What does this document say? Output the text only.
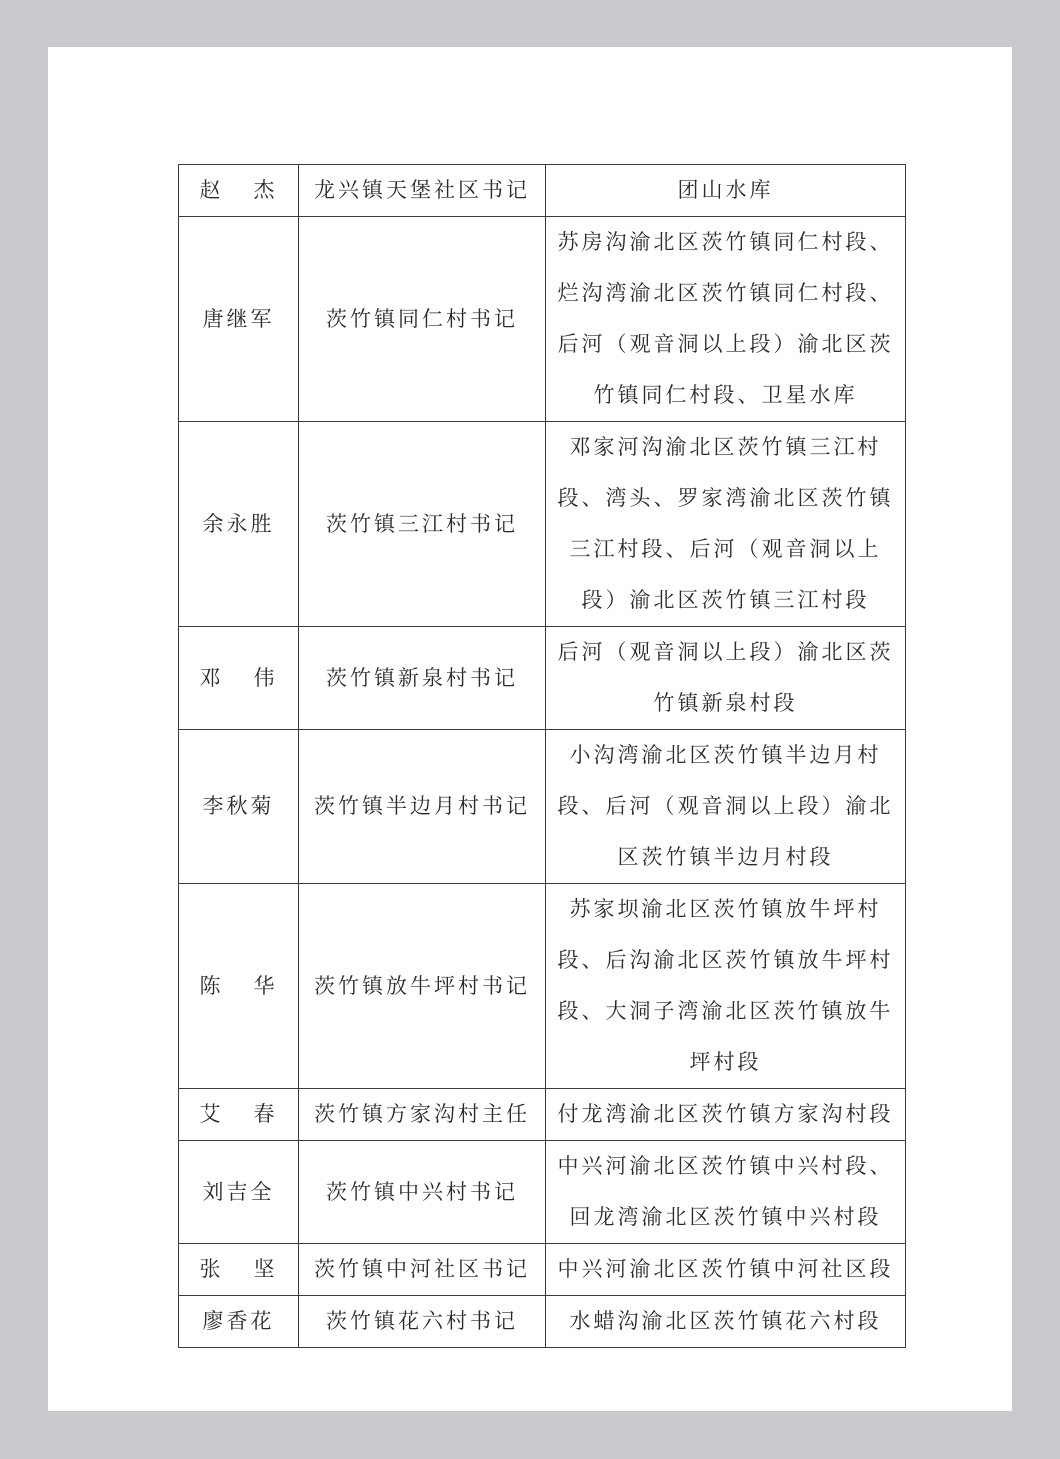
赵杰	龙兴镇天堡社区书记	团山水库
唐继军	茨竹镇同仁村书记	苏房沟渝北区茨竹镇同仁村段、烂沟湾渝北区茨竹镇同仁村段、后河（观音洞以上段）渝北区茨竹镇同仁村段、卫星水库
余永胜	茨竹镇三江村书记	邓家河沟渝北区茨竹镇三江村段、湾头、罗家湾渝北区茨竹镇三江村段、后河（观音洞以上段）渝北区茨竹镇三江村段
邓伟	茨竹镇新泉村书记	后河（观音洞以上段）渝北区茨竹镇新泉村段
李秋菊	茨竹镇半边月村书记	小沟湾渝北区茨竹镇半边月村段、后河（观音洞以上段）渝北区茨竹镇半边月村段
陈华	茨竹镇放牛坪村书记	苏家坝渝北区茨竹镇放牛坪村段、后沟渝北区茨竹镇放牛坪村段、大洞子湾渝北区茨竹镇放牛坪村段
艾春	茨竹镇方家沟村主任	付龙湾渝北区茨竹镇方家沟村段
刘吉全	茨竹镇中兴村书记	中兴河渝北区茨竹镇中兴村段、回龙湾渝北区茨竹镇中兴村段
张坚	茨竹镇中河社区书记	中兴河渝北区茨竹镇中河社区段
廖香花	茨竹镇花六村书记	水蜡沟渝北区茨竹镇花六村段
